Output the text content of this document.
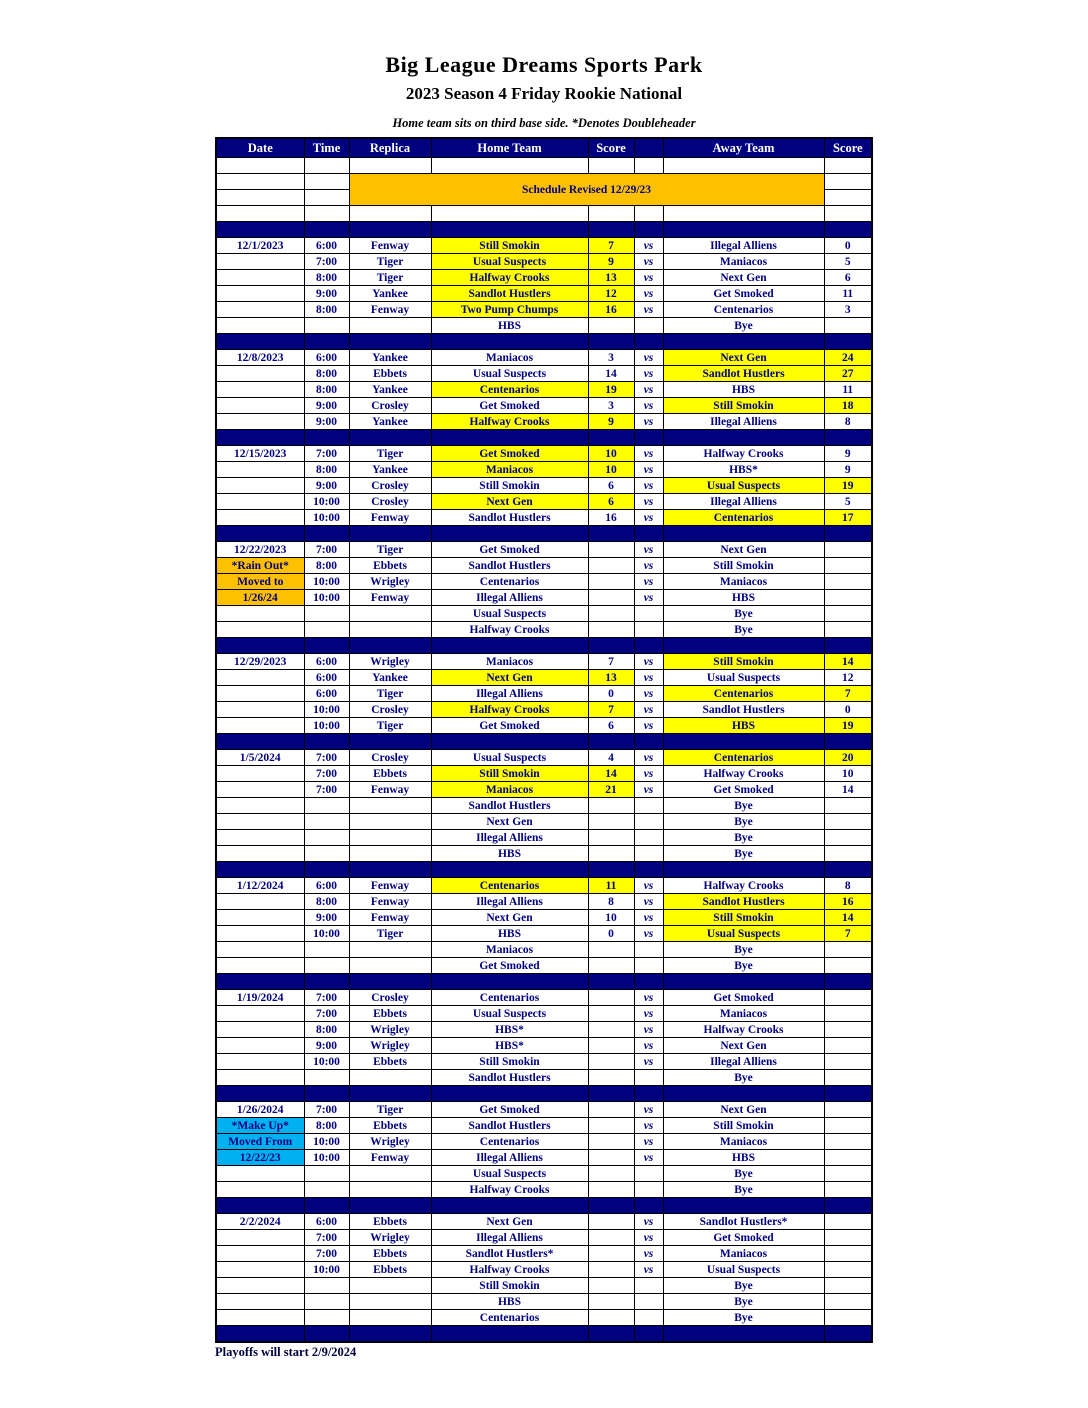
Big League Dreams Sports Park
2023 Season 4 Friday Rookie National
Home team sits on third base side. *Denotes Doubleheader
Date	Time	Replica	Home Team	Score		Away Team	Score

		Schedule Revised 12/29/23					

12/1/2023	6:00	Fenway	Still Smokin	7	vs	Illegal Alliens	0
	7:00	Tiger	Usual Suspects	9	vs	Maniacos	5
	8:00	Tiger	Halfway Crooks	13	vs	Next Gen	6
	9:00	Yankee	Sandlot Hustlers	12	vs	Get Smoked	11
	8:00	Fenway	Two Pump Chumps	16	vs	Centenarios	3
			HBS			Bye	

12/8/2023	6:00	Yankee	Maniacos	3	vs	Next Gen	24
	8:00	Ebbets	Usual Suspects	14	vs	Sandlot Hustlers	27
	8:00	Yankee	Centenarios	19	vs	HBS	11
	9:00	Crosley	Get Smoked	3	vs	Still Smokin	18
	9:00	Yankee	Halfway Crooks	9	vs	Illegal Alliens	8

12/15/2023	7:00	Tiger	Get Smoked	10	vs	Halfway Crooks	9
	8:00	Yankee	Maniacos	10	vs	HBS*	9
	9:00	Crosley	Still Smokin	6	vs	Usual Suspects	19
	10:00	Crosley	Next Gen	6	vs	Illegal Alliens	5
	10:00	Fenway	Sandlot Hustlers	16	vs	Centenarios	17

12/22/2023	7:00	Tiger	Get Smoked		vs	Next Gen	
*Rain Out*	8:00	Ebbets	Sandlot Hustlers		vs	Still Smokin	
Moved to	10:00	Wrigley	Centenarios		vs	Maniacos	
1/26/24	10:00	Fenway	Illegal Alliens		vs	HBS	
			Usual Suspects			Bye	
			Halfway Crooks			Bye	

12/29/2023	6:00	Wrigley	Maniacos	7	vs	Still Smokin	14
	6:00	Yankee	Next Gen	13	vs	Usual Suspects	12
	6:00	Tiger	Illegal Alliens	0	vs	Centenarios	7
	10:00	Crosley	Halfway Crooks	7	vs	Sandlot Hustlers	0
	10:00	Tiger	Get Smoked	6	vs	HBS	19

1/5/2024	7:00	Crosley	Usual Suspects	4	vs	Centenarios	20
	7:00	Ebbets	Still Smokin	14	vs	Halfway Crooks	10
	7:00	Fenway	Maniacos	21	vs	Get Smoked	14
			Sandlot Hustlers			Bye	
			Next Gen			Bye	
			Illegal Alliens			Bye	
			HBS			Bye	

1/12/2024	6:00	Fenway	Centenarios	11	vs	Halfway Crooks	8
	8:00	Fenway	Illegal Alliens	8	vs	Sandlot Hustlers	16
	9:00	Fenway	Next Gen	10	vs	Still Smokin	14
	10:00	Tiger	HBS	0	vs	Usual Suspects	7
			Maniacos			Bye	
			Get Smoked			Bye	

1/19/2024	7:00	Crosley	Centenarios		vs	Get Smoked	
	7:00	Ebbets	Usual Suspects		vs	Maniacos	
	8:00	Wrigley	HBS*		vs	Halfway Crooks	
	9:00	Wrigley	HBS*		vs	Next Gen	
	10:00	Ebbets	Still Smokin		vs	Illegal Alliens	
			Sandlot Hustlers			Bye	

1/26/2024	7:00	Tiger	Get Smoked		vs	Next Gen	
*Make Up*	8:00	Ebbets	Sandlot Hustlers		vs	Still Smokin	
Moved From	10:00	Wrigley	Centenarios		vs	Maniacos	
12/22/23	10:00	Fenway	Illegal Alliens		vs	HBS	
			Usual Suspects			Bye	
			Halfway Crooks			Bye	

2/2/2024	6:00	Ebbets	Next Gen		vs	Sandlot Hustlers*	
	7:00	Wrigley	Illegal Alliens		vs	Get Smoked	
	7:00	Ebbets	Sandlot Hustlers*		vs	Maniacos	
	10:00	Ebbets	Halfway Crooks		vs	Usual Suspects	
			Still Smokin			Bye	
			HBS			Bye	
			Centenarios			Bye	

Playoffs will start 2/9/2024
